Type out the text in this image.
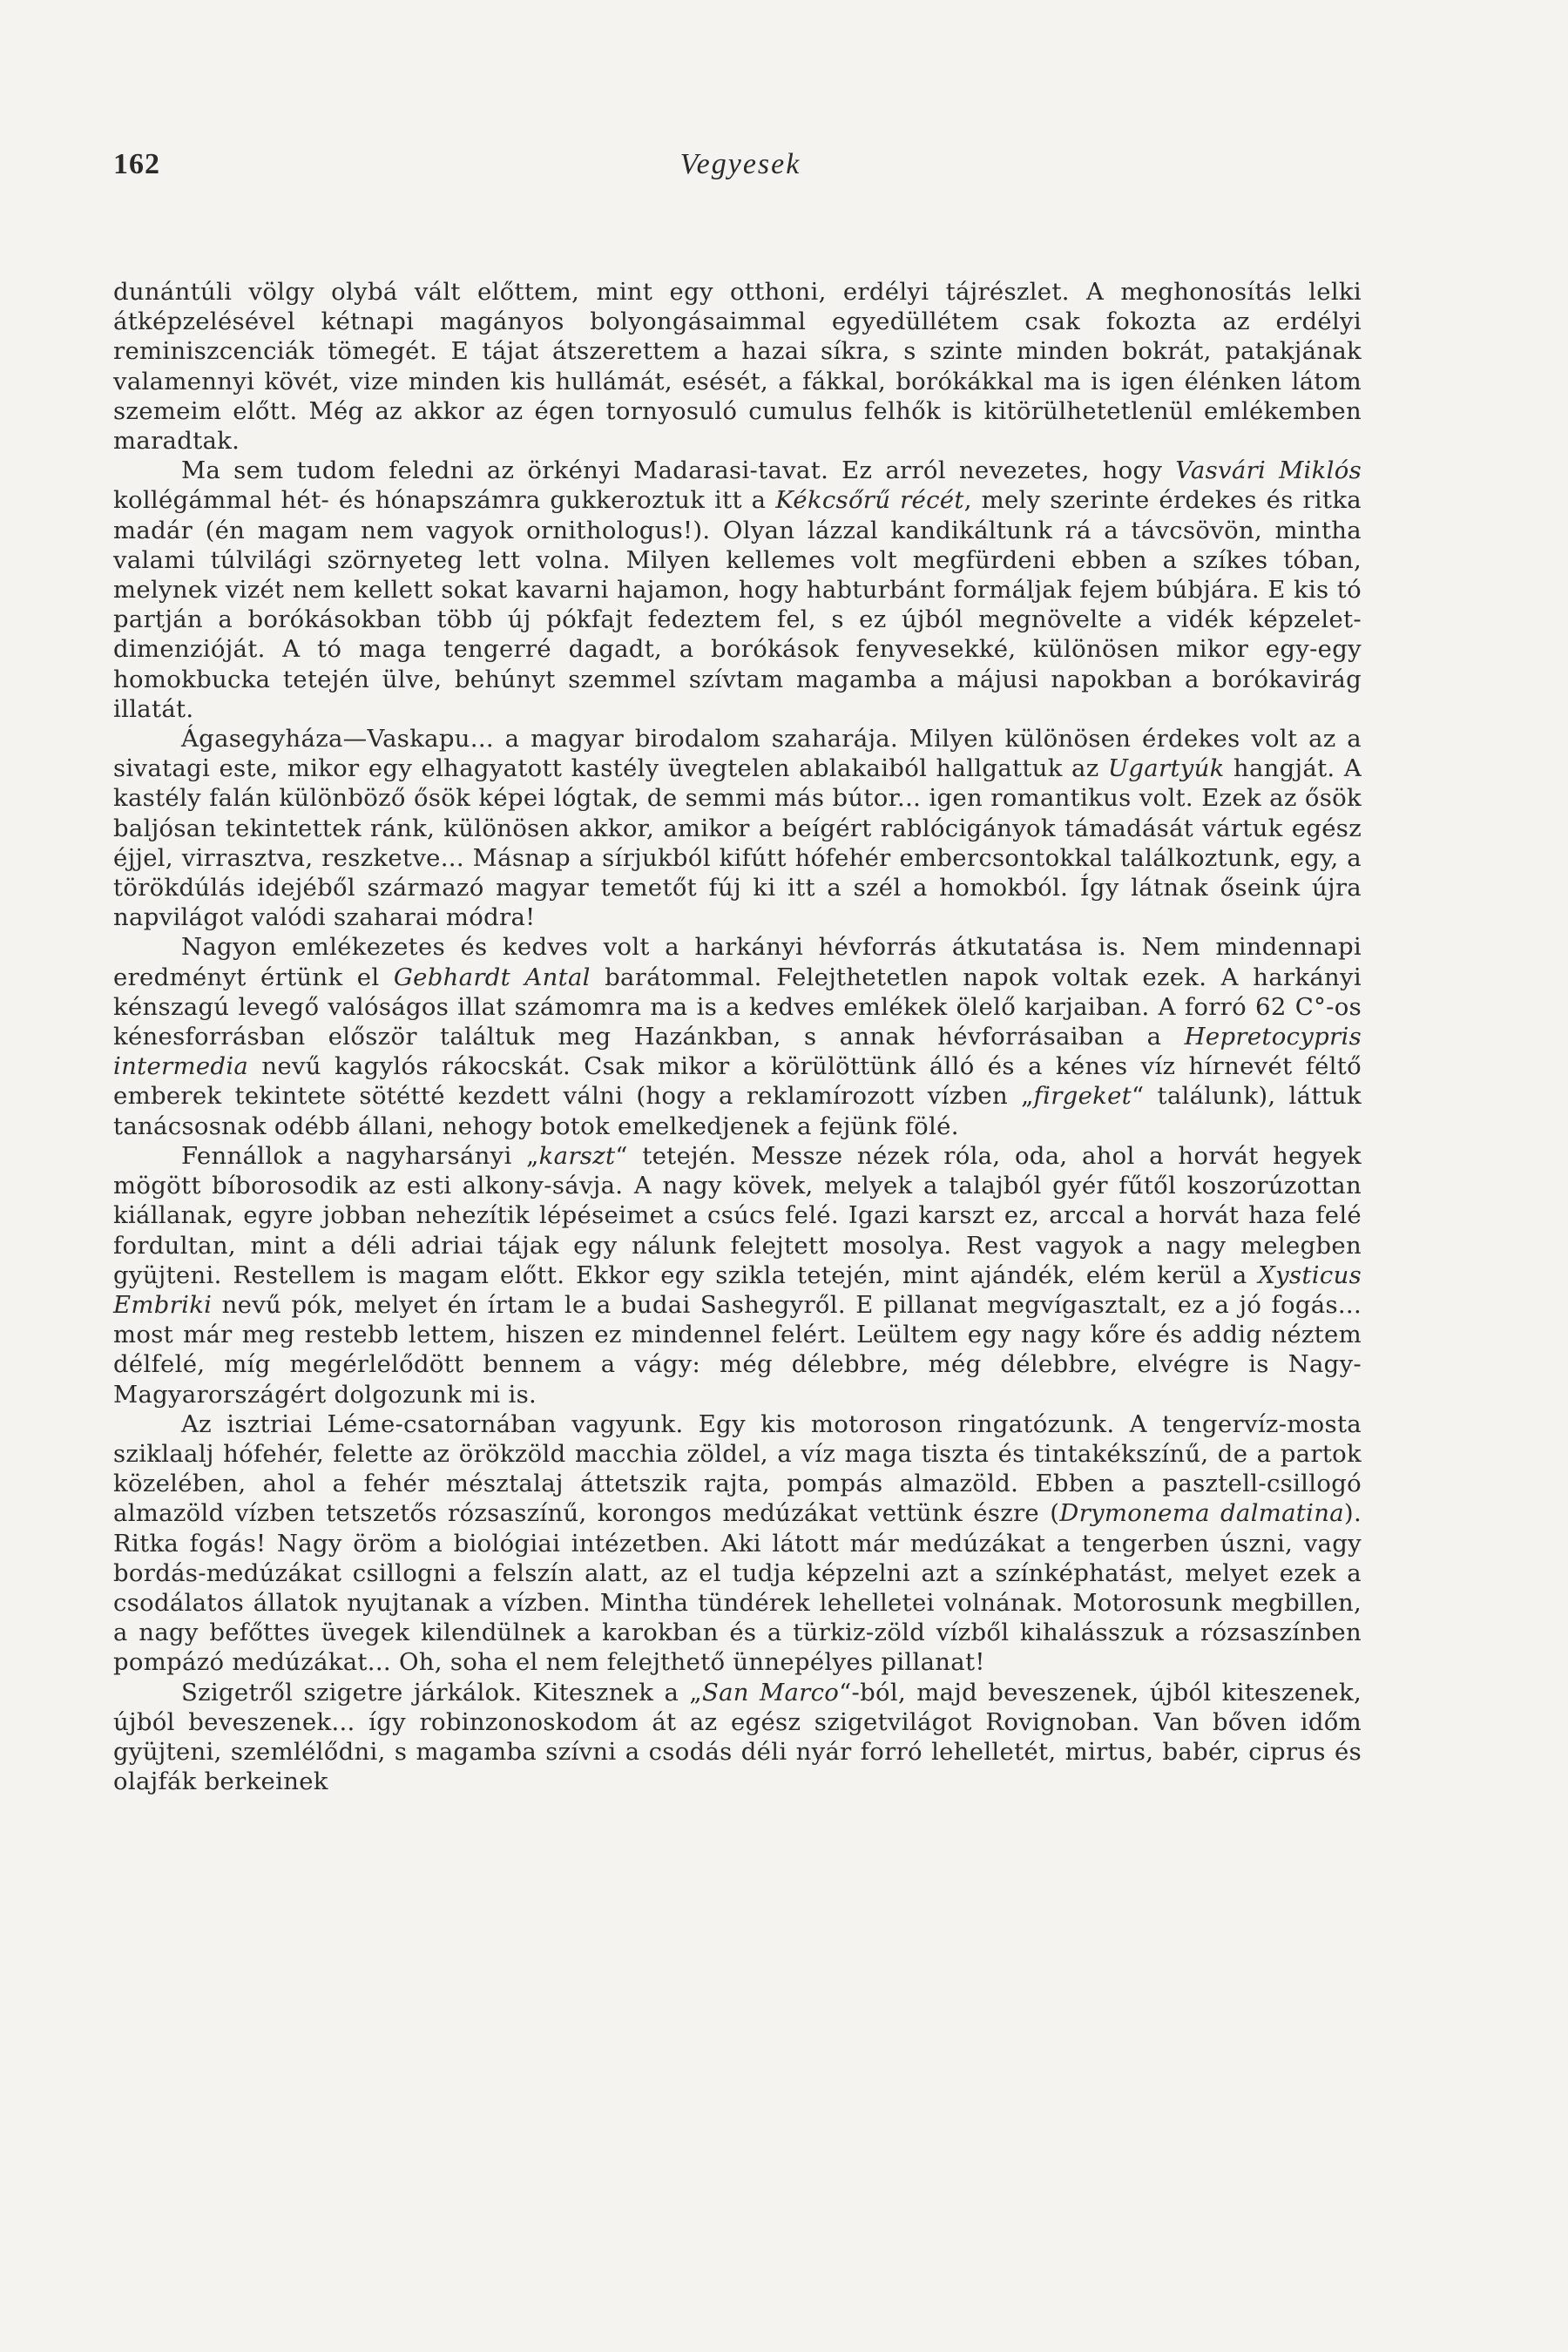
162	Vegyesek

dunántúli völgy olybá vált előttem, mint egy otthoni, erdélyi tájrészlet. A meghonosítás lelki átképzelésével kétnapi magányos bolyongásaimmal egyedüllétem csak fokozta az erdélyi reminiszcenciák tömegét. E tájat átszerettem a hazai síkra, s szinte minden bokrát, patakjának valamennyi kövét, vize minden kis hullámát, esését, a fákkal, borókákkal ma is igen élénken látom szemeim előtt. Még az akkor az égen tornyosuló cumulus felhők is kitörülhetetlenül emlékemben maradtak.

Ma sem tudom feledni az örkényi Madarasi-tavat. Ez arról nevezetes, hogy Vasvári Miklós kollégámmal hét- és hónapszámra gukkeroztuk itt a Kékcsőrű récét, mely szerinte érdekes és ritka madár (én magam nem vagyok ornithologus!). Olyan lázzal kandikáltunk rá a távcsövön, mintha valami túlvilági szörnyeteg lett volna. Milyen kellemes volt megfürdeni ebben a szíkes tóban, melynek vizét nem kellett sokat kavarni hajamon, hogy habturbánt formáljak fejem búbjára. E kis tó partján a borókásokban több új pókfajt fedeztem fel, s ez újból megnövelte a vidék képzelet-dimenzióját. A tó maga tengerré dagadt, a borókások fenyvesekké, különösen mikor egy-egy homokbucka tetején ülve, behúnyt szemmel szívtam magamba a májusi napokban a borókavirág illatát.

Ágasegyháza—Vaskapu... a magyar birodalom szaharája. Milyen különösen érdekes volt az a sivatagi este, mikor egy elhagyatott kastély üvegtelen ablakaiból hallgattuk az Ugartyúk hangját. A kastély falán különböző ősök képei lógtak, de semmi más bútor... igen romantikus volt. Ezek az ősök baljósan tekintettek ránk, különösen akkor, amikor a beígért rablócigányok támadását vártuk egész éjjel, virrasztva, reszketve... Másnap a sírjukból kifútt hófehér embercsontokkal találkoztunk, egy, a törökdúlás idejéből származó magyar temetőt fúj ki itt a szél a homokból. Így látnak őseink újra napvilágot valódi szaharai módra!

Nagyon emlékezetes és kedves volt a harkányi hévforrás átkutatása is. Nem mindennapi eredményt értünk el Gebhardt Antal barátommal. Felejthetetlen napok voltak ezek. A harkányi kénszagú levegő valóságos illat számomra ma is a kedves emlékek ölelő karjaiban. A forró 62 C°-os kénesforrásban először találtuk meg Hazánkban, s annak hévforrásaiban a Hepretocypris intermedia nevű kagylós rákocskát. Csak mikor a körülöttünk álló és a kénes víz hírnevét féltő emberek tekintete sötétté kezdett válni (hogy a reklamírozott vízben „firgeket“ találunk), láttuk tanácsosnak odébb állani, nehogy botok emelkedjenek a fejünk fölé.

Fennállok a nagyharsányi „karszt“ tetején. Messze nézek róla, oda, ahol a horvát hegyek mögött bíborosodik az esti alkony-sávja. A nagy kövek, melyek a talajból gyér fűtől koszorúzottan kiállanak, egyre jobban nehezítik lépéseimet a csúcs felé. Igazi karszt ez, arccal a horvát haza felé fordultan, mint a déli adriai tájak egy nálunk felejtett mosolya. Rest vagyok a nagy melegben gyüjteni. Restellem is magam előtt. Ekkor egy szikla tetején, mint ajándék, elém kerül a Xysticus Embriki nevű pók, melyet én írtam le a budai Sashegyről. E pillanat megvígasztalt, ez a jó fogás... most már meg restebb lettem, hiszen ez mindennel felért. Leültem egy nagy kőre és addig néztem délfelé, míg megérlelődött bennem a vágy: még délebbre, még délebbre, elvégre is Nagy-Magyarországért dolgozunk mi is.

Az isztriai Léme-csatornában vagyunk. Egy kis motoroson ringatózunk. A tengervíz-mosta sziklaalj hófehér, felette az örökzöld macchia zöldel, a víz maga tiszta és tintakékszínű, de a partok közelében, ahol a fehér mésztalaj áttetszik rajta, pompás almazöld. Ebben a pasztell-csillogó almazöld vízben tetszetős rózsaszínű, korongos medúzákat vettünk észre (Drymonema dalmatina). Ritka fogás! Nagy öröm a biológiai intézetben. Aki látott már medúzákat a tengerben úszni, vagy bordás-medúzákat csillogni a felszín alatt, az el tudja képzelni azt a színképhatást, melyet ezek a csodálatos állatok nyujtanak a vízben. Mintha tündérek lehelletei volnának. Motorosunk megbillen, a nagy befőttes üvegek kilendülnek a karokban és a türkiz-zöld vízből kihalásszuk a rózsaszínben pompázó medúzákat... Oh, soha el nem felejthető ünnepélyes pillanat!

Szigetről szigetre járkálok. Kitesznek a „San Marco“-ból, majd beveszenek, újból kiteszenek, újból beveszenek... így robinzonoskodom át az egész szigetvilágot Rovignoban. Van bőven időm gyüjteni, szemlélődni, s magamba szívni a csodás déli nyár forró lehelletét, mirtus, babér, ciprus és olajfák berkeinek
